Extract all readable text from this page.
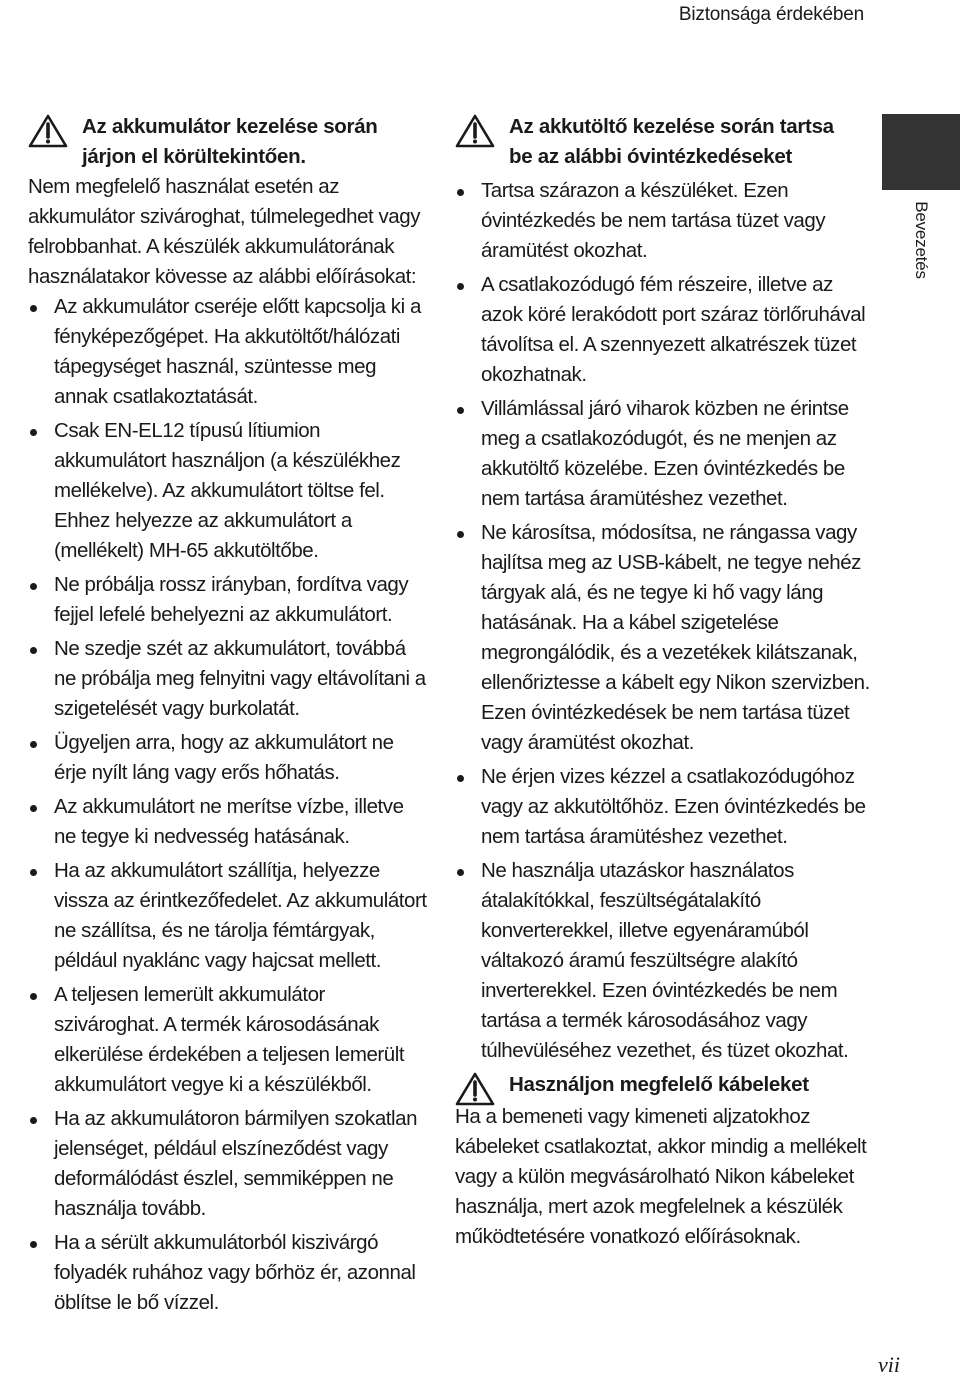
Biztonsága érdekében
Az akkumulátor kezelése során
járjon el körültekintően.

Nem megfelelő használat esetén az akkumulátor szivároghat, túlmelegedhet vagy felrobbanhat. A készülék akkumulátorának használatakor kövesse az alábbi előírásokat:

Az akkumulátor cseréje előtt kapcsolja ki a fényképezőgépet. Ha akkutöltőt/hálózati tápegységet használ, szüntesse meg annak csatlakoztatását.
Csak EN-EL12 típusú lítiumion akkumulátort használjon (a készülékhez mellékelve). Az akkumulátort töltse fel. Ehhez helyezze az akkumulátort a (mellékelt) MH-65 akkutöltőbe.
Ne próbálja rossz irányban, fordítva vagy fejjel lefelé behelyezni az akkumulátort.
Ne szedje szét az akkumulátort, továbbá ne próbálja meg felnyitni vagy eltávolítani a szigetelését vagy burkolatát.
Ügyeljen arra, hogy az akkumulátort ne érje nyílt láng vagy erős hőhatás.
Az akkumulátort ne merítse vízbe, illetve ne tegye ki nedvesség hatásának.
Ha az akkumulátort szállítja, helyezze vissza az érintkezőfedelet. Az akkumulátort ne szállítsa, és ne tárolja fémtárgyak, például nyaklánc vagy hajcsat mellett.
A teljesen lemerült akkumulátor szivároghat. A termék károsodásának elkerülése érdekében a teljesen lemerült akkumulátort vegye ki a készülékből.
Ha az akkumulátoron bármilyen szokatlan jelenséget, például elszíneződést vagy deformálódást észlel, semmiképpen ne használja tovább.
Ha a sérült akkumulátorból kiszivárgó folyadék ruhához vagy bőrhöz ér, azonnal öblítse le bő vízzel.
Az akkutöltő kezelése során tartsa
be az alábbi óvintézkedéseket
Tartsa szárazon a készüléket. Ezen óvintézkedés be nem tartása tüzet vagy áramütést okozhat.
A csatlakozódugó fém részeire, illetve az azok köré lerakódott port száraz törlőruhával távolítsa el. A szennyezett alkatrészek tüzet okozhatnak.
Villámlással járó viharok közben ne érintse meg a csatlakozódugót, és ne menjen az akkutöltő közelébe. Ezen óvintézkedés be nem tartása áramütéshez vezethet.
Ne károsítsa, módosítsa, ne rángassa vagy hajlítsa meg az USB-kábelt, ne tegye nehéz tárgyak alá, és ne tegye ki hő vagy láng hatásának. Ha a kábel szigetelése megrongálódik, és a vezetékek kilátszanak, ellenőriztesse a kábelt egy Nikon szervizben. Ezen óvintézkedések be nem tartása tüzet vagy áramütést okozhat.
Ne érjen vizes kézzel a csatlakozódugóhoz vagy az akkutöltőhöz. Ezen óvintézkedés be nem tartása áramütéshez vezethet.
Ne használja utazáskor használatos átalakítókkal, feszültségátalakító konverterekkel, illetve egyenáramúból váltakozó áramú feszültségre alakító inverterekkel. Ezen óvintézkedés be nem tartása a termék károsodásához vagy túlhevüléséhez vezethet, és tüzet okozhat.
Használjon megfelelő kábeleket

Ha a bemeneti vagy kimeneti aljzatokhoz kábeleket csatlakoztat, akkor mindig a mellékelt vagy a külön megvásárolható Nikon kábeleket használja, mert azok megfelelnek a készülék működtetésére vonatkozó előírásoknak.

Bevezetés
vii
